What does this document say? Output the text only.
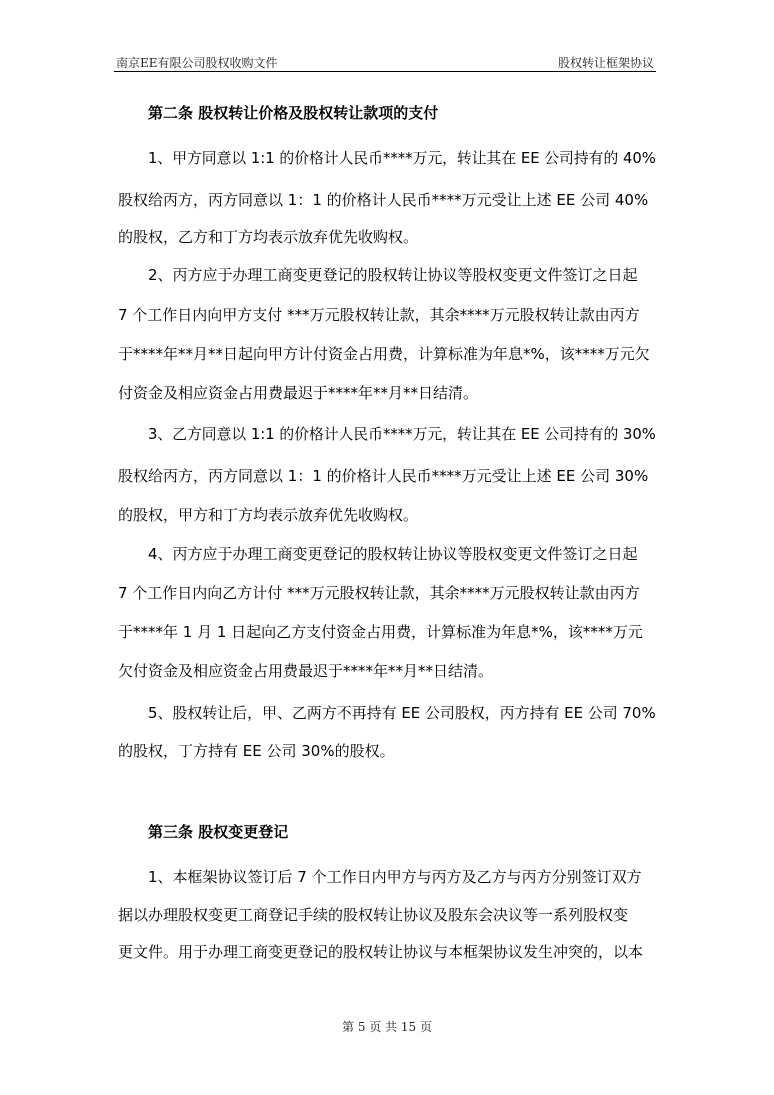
南京EE有限公司股权收购文件	股权转让框架协议
第二条 股权转让价格及股权转让款项的支付
1、甲方同意以 1:1 的价格计人民币****万元，转让其在 EE 公司持有的 40%
股权给丙方，丙方同意以 1：1 的价格计人民币****万元受让上述 EE 公司 40%
的股权，乙方和丁方均表示放弃优先收购权。
2、丙方应于办理工商变更登记的股权转让协议等股权变更文件签订之日起
7 个工作日内向甲方支付 ***万元股权转让款，其余****万元股权转让款由丙方
于****年**月**日起向甲方计付资金占用费，计算标准为年息*%，该****万元欠
付资金及相应资金占用费最迟于****年**月**日结清。
3、乙方同意以 1:1 的价格计人民币****万元，转让其在 EE 公司持有的 30%
股权给丙方，丙方同意以 1：1 的价格计人民币****万元受让上述 EE 公司 30%
的股权，甲方和丁方均表示放弃优先收购权。
4、丙方应于办理工商变更登记的股权转让协议等股权变更文件签订之日起
7 个工作日内向乙方计付 ***万元股权转让款，其余****万元股权转让款由丙方
于****年 1 月 1 日起向乙方支付资金占用费，计算标准为年息*%，该****万元
欠付资金及相应资金占用费最迟于****年**月**日结清。
5、股权转让后，甲、乙两方不再持有 EE 公司股权，丙方持有 EE 公司 70%
的股权，丁方持有 EE 公司 30%的股权。
第三条 股权变更登记
1、本框架协议签订后 7 个工作日内甲方与丙方及乙方与丙方分别签订双方
据以办理股权变更工商登记手续的股权转让协议及股东会决议等一系列股权变
更文件。用于办理工商变更登记的股权转让协议与本框架协议发生冲突的，以本
第 5 页 共 15 页
